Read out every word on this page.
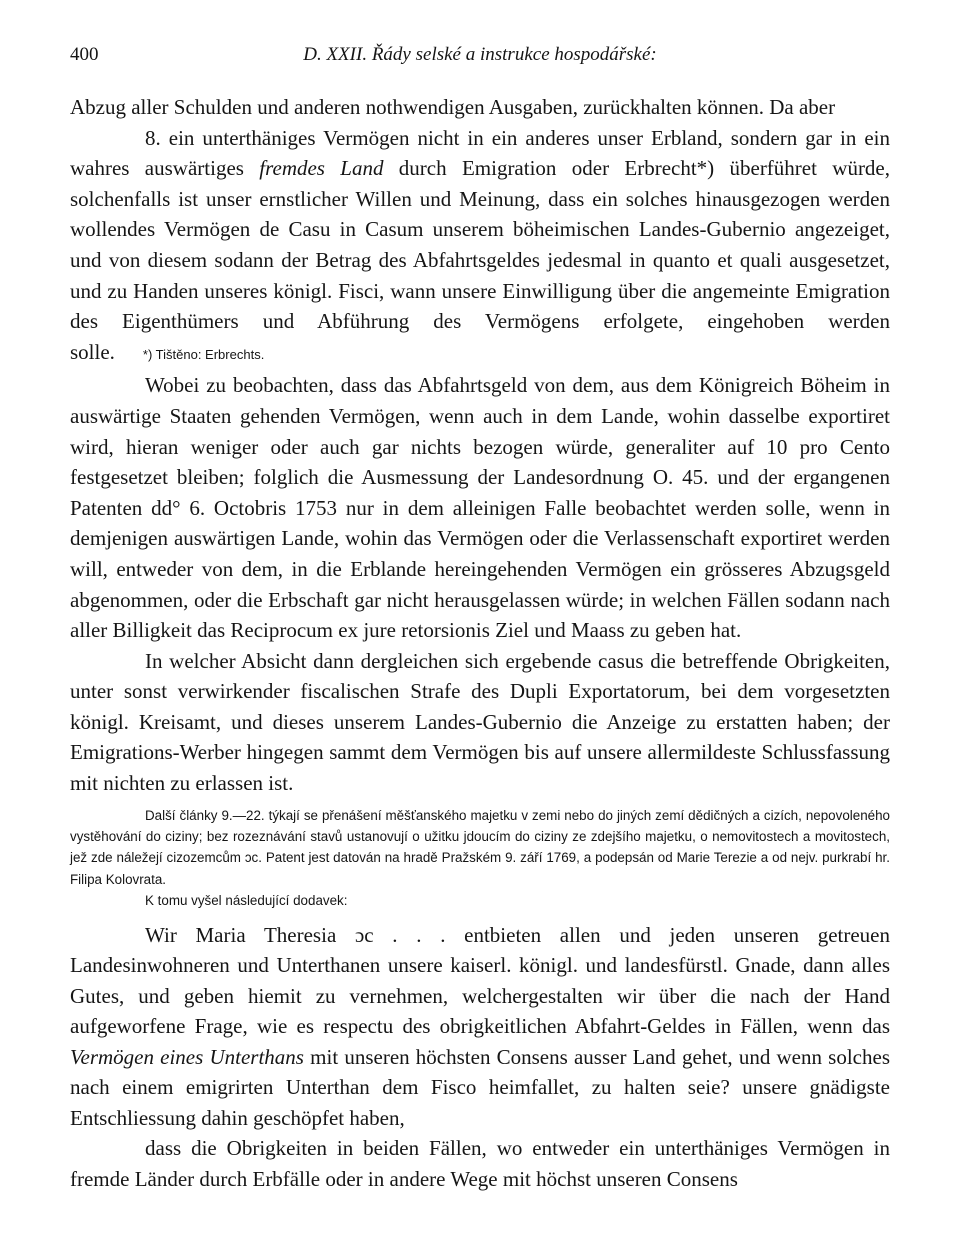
400	D. XXII. Řády selské a instrukce hospodářské:

Abzug aller Schulden und anderen nothwendigen Ausgaben, zurückhalten können. Da aber

8. ein unterthäniges Vermögen nicht in ein anderes unser Erbland, sondern gar in ein wahres auswärtiges fremdes Land durch Emigration oder Erbrecht*) überführet würde, solchenfalls ist unser ernstlicher Willen und Meinung, dass ein solches hinausgezogen werden wollendes Vermögen de Casu in Casum unserem böheimischen Landes-Gubernio angezeiget, und von diesem sodann der Betrag des Abfahrtsgeldes jedesmal in quanto et quali ausgesetzet, und zu Handen unseres königl. Fisci, wann unsere Einwilligung über die angemeinte Emigration des Eigenthümers und Abführung des Vermögens erfolgete, eingehoben werden solle. *) Tištěno: Erbrechts.

Wobei zu beobachten, dass das Abfahrtsgeld von dem, aus dem Königreich Böheim in auswärtige Staaten gehenden Vermögen, wenn auch in dem Lande, wohin dasselbe exportiret wird, hieran weniger oder auch gar nichts bezogen würde, generaliter auf 10 pro Cento festgesetzet bleiben; folglich die Ausmessung der Landesordnung O. 45. und der ergangenen Patenten dd° 6. Octobris 1753 nur in dem alleinigen Falle beobachtet werden solle, wenn in demjenigen auswärtigen Lande, wohin das Vermögen oder die Verlassenschaft exportiret werden will, entweder von dem, in die Erblande hereingehenden Vermögen ein grösseres Abzugsgeld abgenommen, oder die Erbschaft gar nicht herausgelassen würde; in welchen Fällen sodann nach aller Billigkeit das Reciprocum ex jure retorsionis Ziel und Maass zu geben hat.

In welcher Absicht dann dergleichen sich ergebende casus die betreffende Obrigkeiten, unter sonst verwirkender fiscalischen Strafe des Dupli Exportatorum, bei dem vorgesetzten königl. Kreisamt, und dieses unserem Landes-Gubernio die Anzeige zu erstatten haben; der Emigrations-Werber hingegen sammt dem Vermögen bis auf unsere allermildeste Schlussfassung mit nichten zu erlassen ist.

Další články 9.—22. týkají se přenášení měšťanského majetku v zemi nebo do jiných zemí dědičných a cizích, nepovoleného vystěhování do ciziny; bez rozeznávání stavů ustanovují o užitku jdoucím do ciziny ze zdejšího majetku, o nemovitostech a movitostech, jež zde náležejí cizozemcům ɔc. Patent jest datován na hradě Pražském 9. září 1769, a podepsán od Marie Terezie a od nejv. purkrabí hr. Filipa Kolovrata.

K tomu vyšel následující dodavek:

Wir Maria Theresia ɔc . . . entbieten allen und jeden unseren getreuen Landesinwohneren und Unterthanen unsere kaiserl. königl. und landesfürstl. Gnade, dann alles Gutes, und geben hiemit zu vernehmen, welchergestalten wir über die nach der Hand aufgeworfene Frage, wie es respectu des obrigkeitlichen Abfahrt-Geldes in Fällen, wenn das Vermögen eines Unterthans mit unseren höchsten Consens ausser Land gehet, und wenn solches nach einem emigrirten Unterthan dem Fisco heimfallet, zu halten seie? unsere gnädigste Entschliessung dahin geschöpfet haben,

dass die Obrigkeiten in beiden Fällen, wo entweder ein unterthäniges Vermögen in fremde Länder durch Erbfälle oder in andere Wege mit höchst unseren Consens
